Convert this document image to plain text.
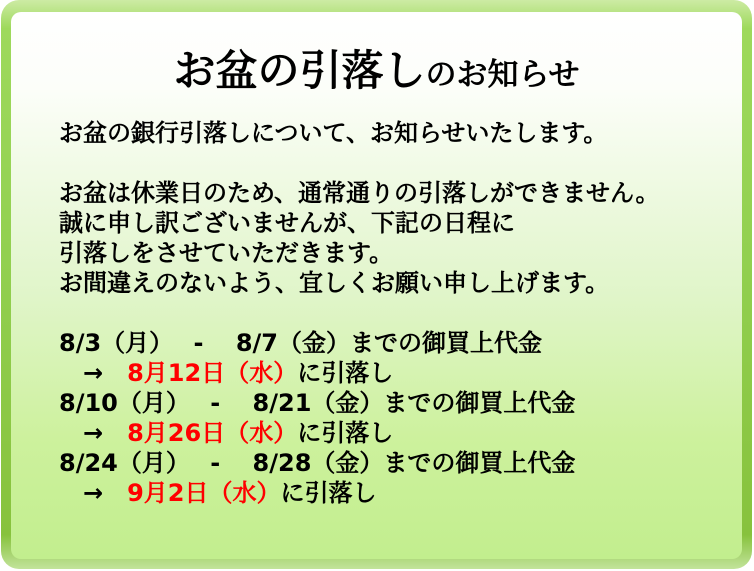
お盆の引落しのお知らせ
お盆の銀行引落しについて、お知らせいたします。

お盆は休業日のため、通常通りの引落しができません。
誠に申し訳ございませんが、下記の日程に
引落しをさせていただきます。
お間違えのないよう、宜しくお願い申し上げます。

8/3（月）　 - 　8/7（金）までの御買上代金
　→　8月12日（水）に引落し
8/10（月）　 - 　8/21（金）までの御買上代金
　→　8月26日（水）に引落し
8/24（月）　 - 　8/28（金）までの御買上代金
　→　9月2日（水）に引落し
